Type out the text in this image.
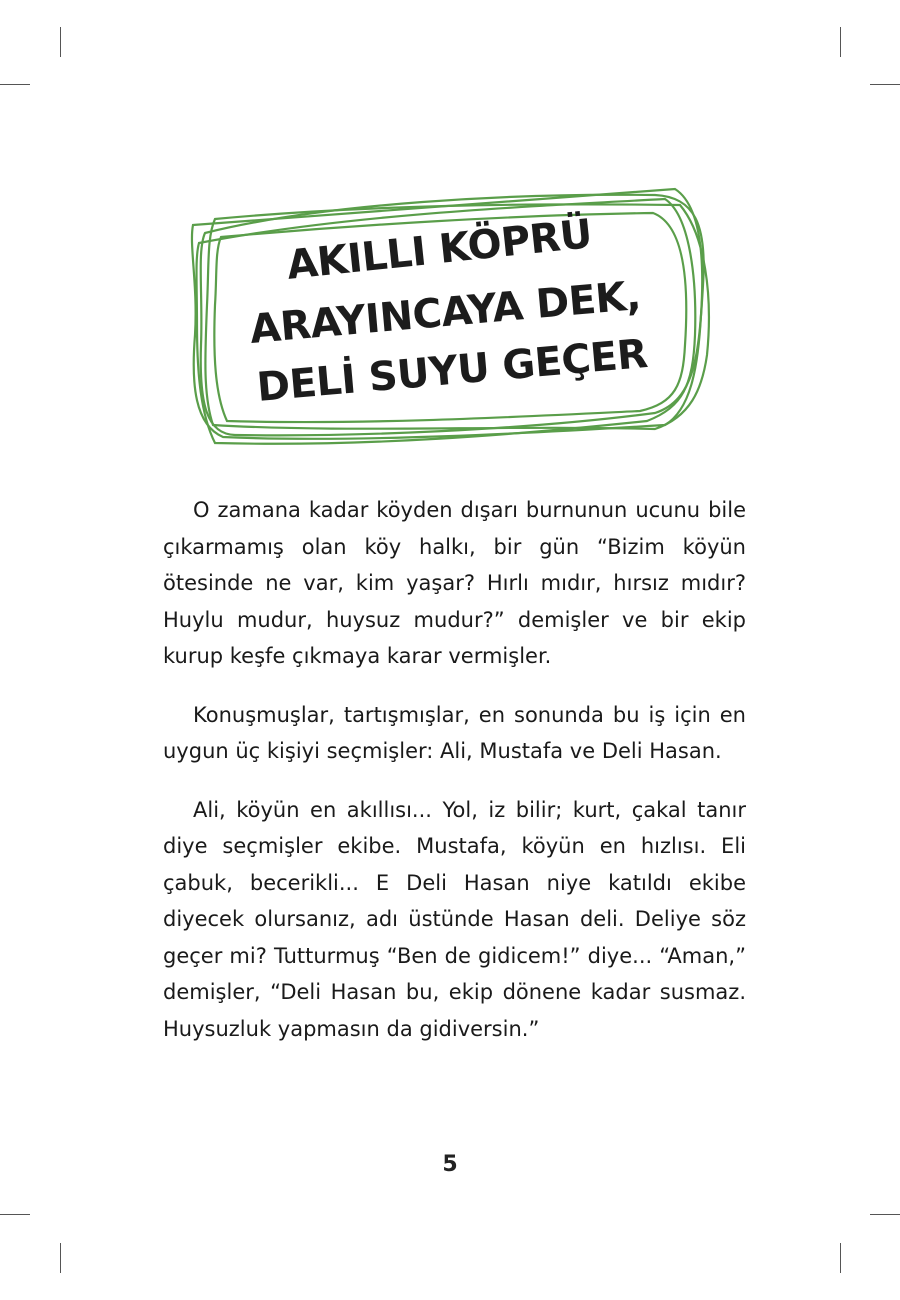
AKILLI KÖPRÜ
ARAYINCAYA DEK,
DELİ SUYU GEÇER

O zamana kadar köyden dışarı burnunun ucunu bile çıkarmamış olan köy halkı, bir gün “Bizim köyün ötesinde ne var, kim yaşar? Hırlı mıdır, hırsız mıdır? Huylu mudur, huysuz mudur?” demişler ve bir ekip kurup keşfe çıkmaya karar vermişler.

Konuşmuşlar, tartışmışlar, en sonunda bu iş için en uygun üç kişiyi seçmişler: Ali, Mustafa ve Deli Hasan.

Ali, köyün en akıllısı... Yol, iz bilir; kurt, çakal tanır diye seçmişler ekibe. Mustafa, köyün en hızlısı. Eli çabuk, becerikli... E Deli Hasan niye katıldı ekibe diyecek olursanız, adı üstünde Hasan deli. Deliye söz geçer mi? Tutturmuş “Ben de gidicem!” diye... “Aman,” demişler, “Deli Hasan bu, ekip dönene kadar susmaz. Huysuzluk yapmasın da gidiversin.”

5
